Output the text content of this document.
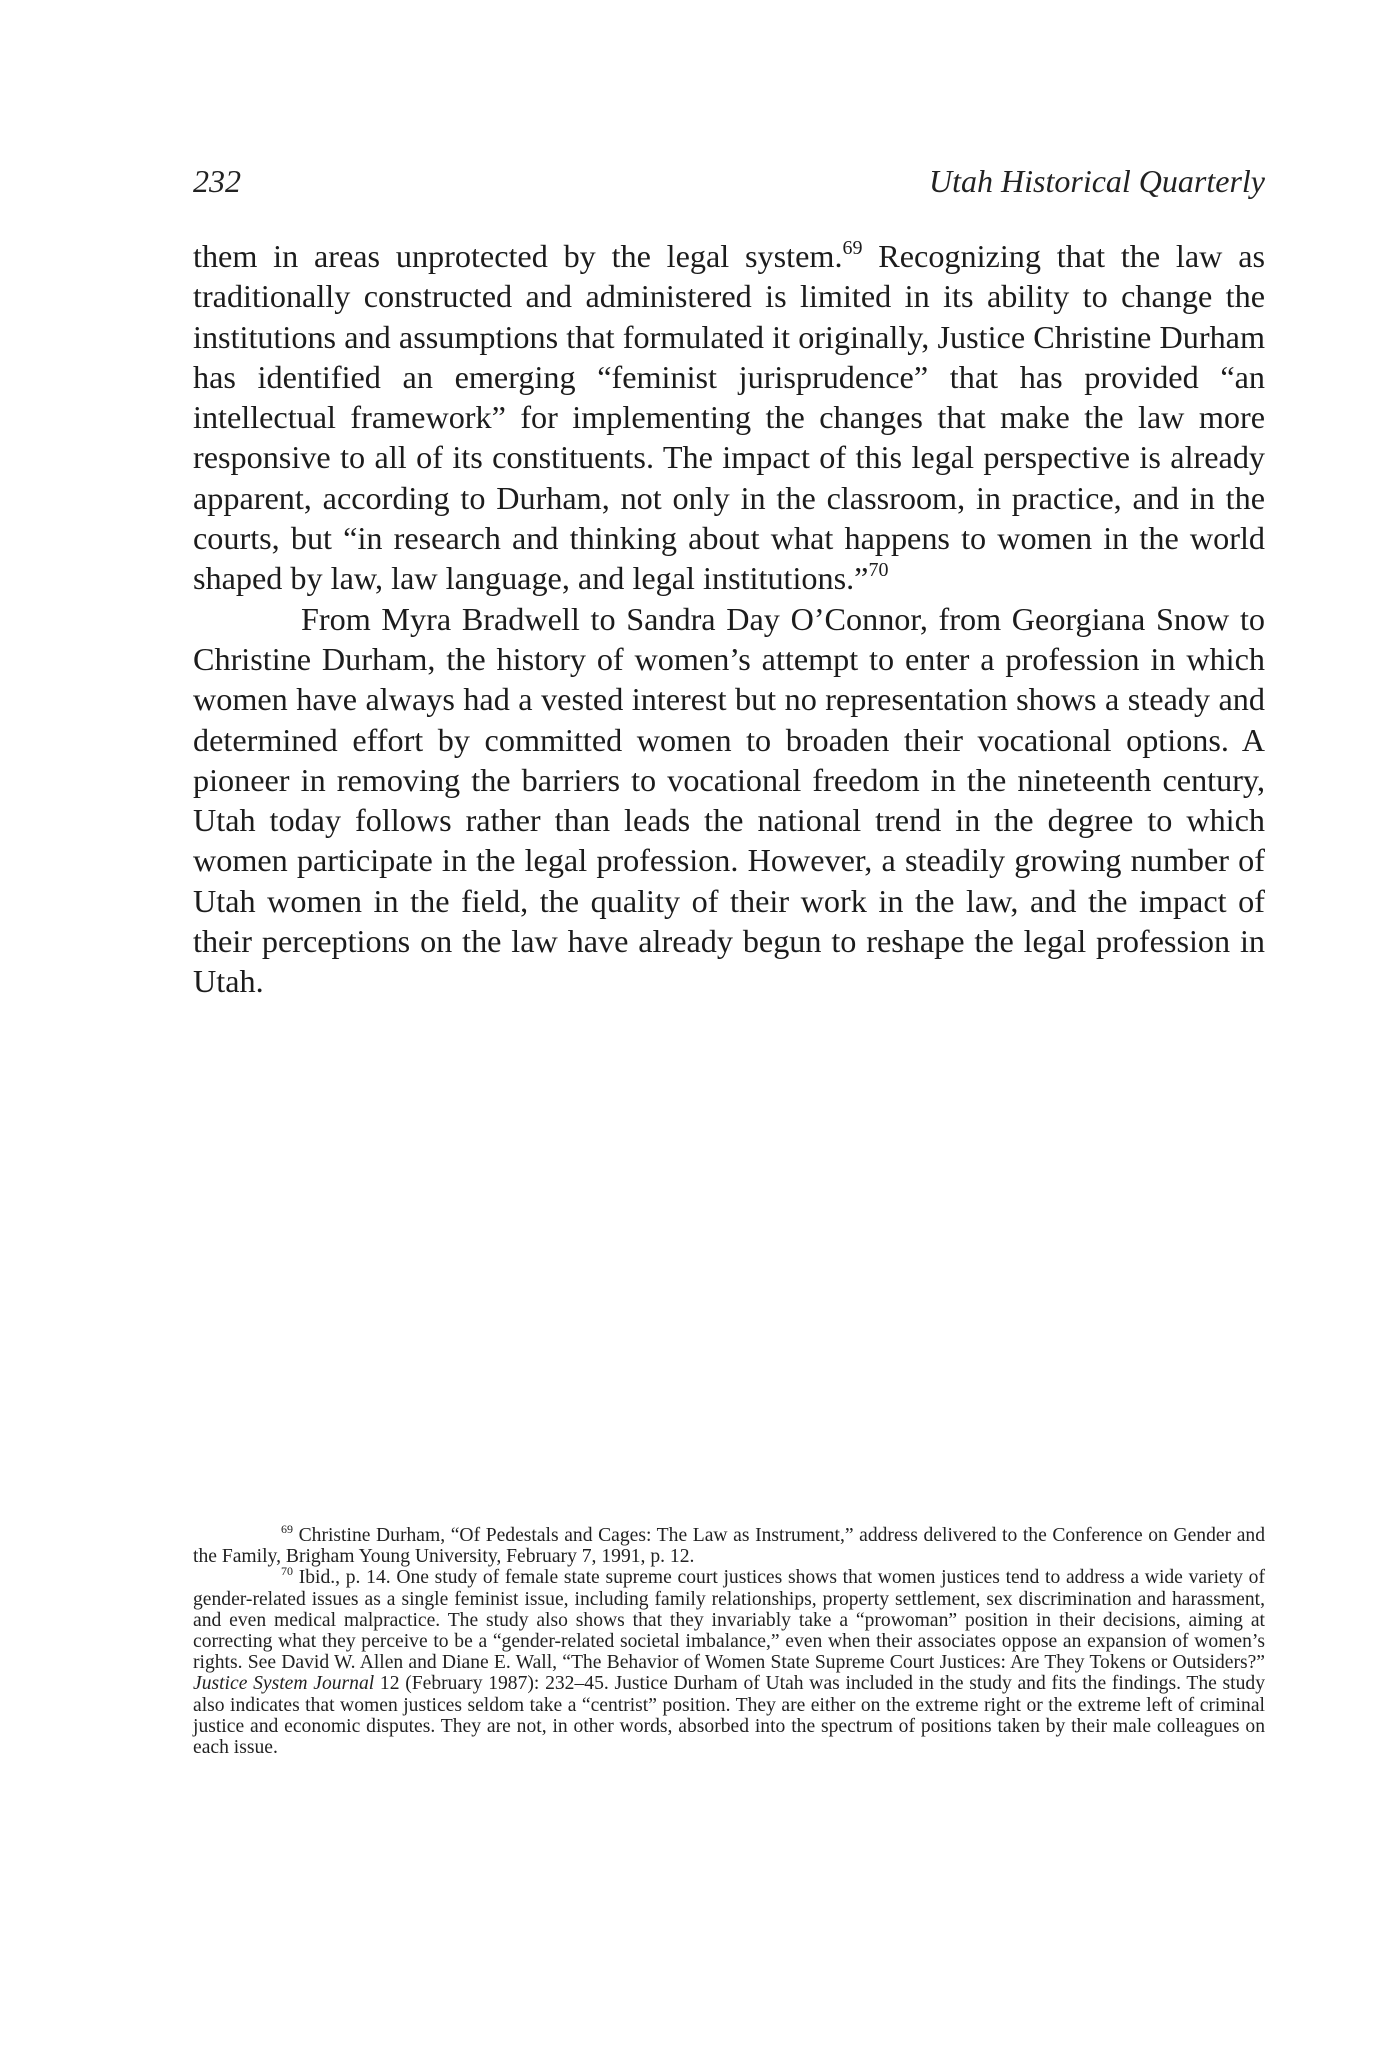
232	Utah Historical Quarterly

them in areas unprotected by the legal system.$^{69}$ Recognizing that the law as traditionally constructed and administered is limited in its ability to change the institutions and assumptions that formulated it originally, Justice Christine Durham has identified an emerging “feminist jurisprudence” that has provided “an intellectual framework” for implementing the changes that make the law more responsive to all of its constituents. The impact of this legal perspective is already apparent, according to Durham, not only in the classroom, in practice, and in the courts, but “in research and thinking about what happens to women in the world shaped by law, law language, and legal institutions.”$^{70}$

From Myra Bradwell to Sandra Day O’Connor, from Georgiana Snow to Christine Durham, the history of women’s attempt to enter a profession in which women have always had a vested interest but no representation shows a steady and determined effort by committed women to broaden their vocational options. A pioneer in removing the barriers to vocational freedom in the nineteenth century, Utah today follows rather than leads the national trend in the degree to which women participate in the legal profession. However, a steadily growing number of Utah women in the field, the quality of their work in the law, and the impact of their perceptions on the law have already begun to reshape the legal profession in Utah.

$^{69}$ Christine Durham, “Of Pedestals and Cages: The Law as Instrument,” address delivered to the Conference on Gender and the Family, Brigham Young University, February 7, 1991, p. 12.

$^{70}$ Ibid., p. 14. One study of female state supreme court justices shows that women justices tend to address a wide variety of gender-related issues as a single feminist issue, including family relationships, property settlement, sex discrimination and harassment, and even medical malpractice. The study also shows that they invariably take a “prowoman” position in their decisions, aiming at correcting what they perceive to be a “gender-related societal imbalance,” even when their associates oppose an expansion of women’s rights. See David W. Allen and Diane E. Wall, “The Behavior of Women State Supreme Court Justices: Are They Tokens or Outsiders?” Justice System Journal 12 (February 1987): 232–45. Justice Durham of Utah was included in the study and fits the findings. The study also indicates that women justices seldom take a “centrist” position. They are either on the extreme right or the extreme left of criminal justice and economic disputes. They are not, in other words, absorbed into the spectrum of positions taken by their male colleagues on each issue.
